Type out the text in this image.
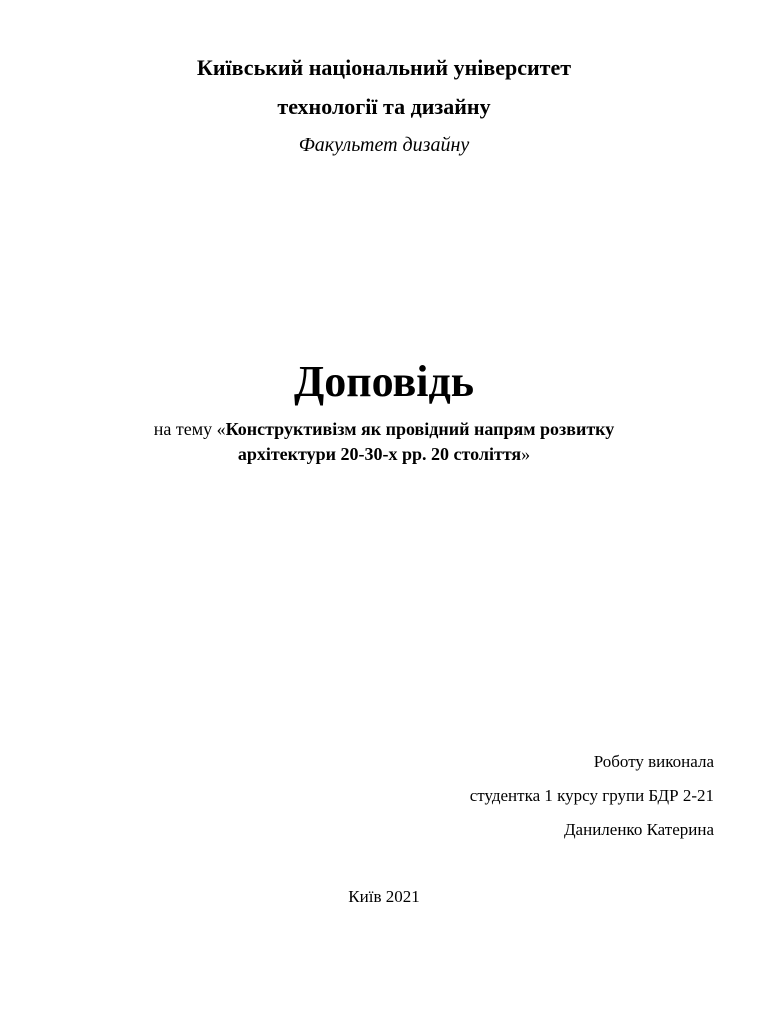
Київський національний університет
технології та дизайну
Факультет дизайну
Доповідь
на тему «Конструктивізм як провідний напрям розвитку
архітектури 20-30-х рр. 20 століття»
Роботу виконала
студентка 1 курсу групи БДР 2-21
Даниленко Катерина
Київ 2021
